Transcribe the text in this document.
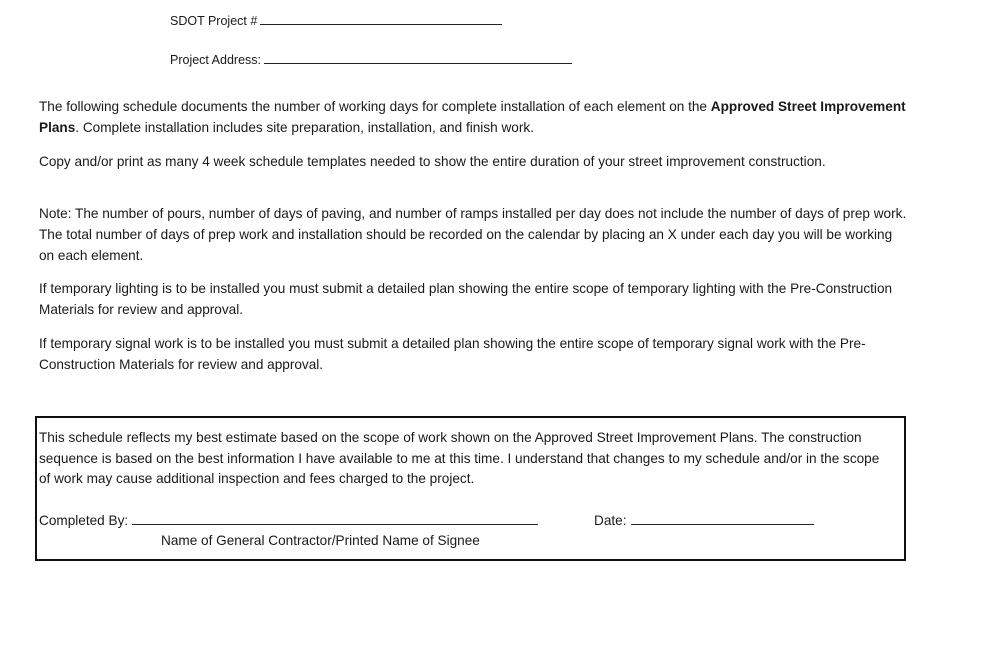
SDOT Project #
Project Address:

The following schedule documents the number of working days for complete installation of each element on the Approved Street Improvement Plans. Complete installation includes site preparation, installation, and finish work.

Copy and/or print as many 4 week schedule templates needed to show the entire duration of your street improvement construction.

Note: The number of pours, number of days of paving, and number of ramps installed per day does not include the number of days of prep work. The total number of days of prep work and installation should be recorded on the calendar by placing an X under each day you will be working on each element.

If temporary lighting is to be installed you must submit a detailed plan showing the entire scope of temporary lighting with the Pre-Construction Materials for review and approval.

If temporary signal work is to be installed you must submit a detailed plan showing the entire scope of temporary signal work with the Pre-Construction Materials for review and approval.

This schedule reflects my best estimate based on the scope of work shown on the Approved Street Improvement Plans. The construction sequence is based on the best information I have available to me at this time. I understand that changes to my schedule and/or in the scope of work may cause additional inspection and fees charged to the project.

Completed By:	Date:
Name of General Contractor/Printed Name of Signee
